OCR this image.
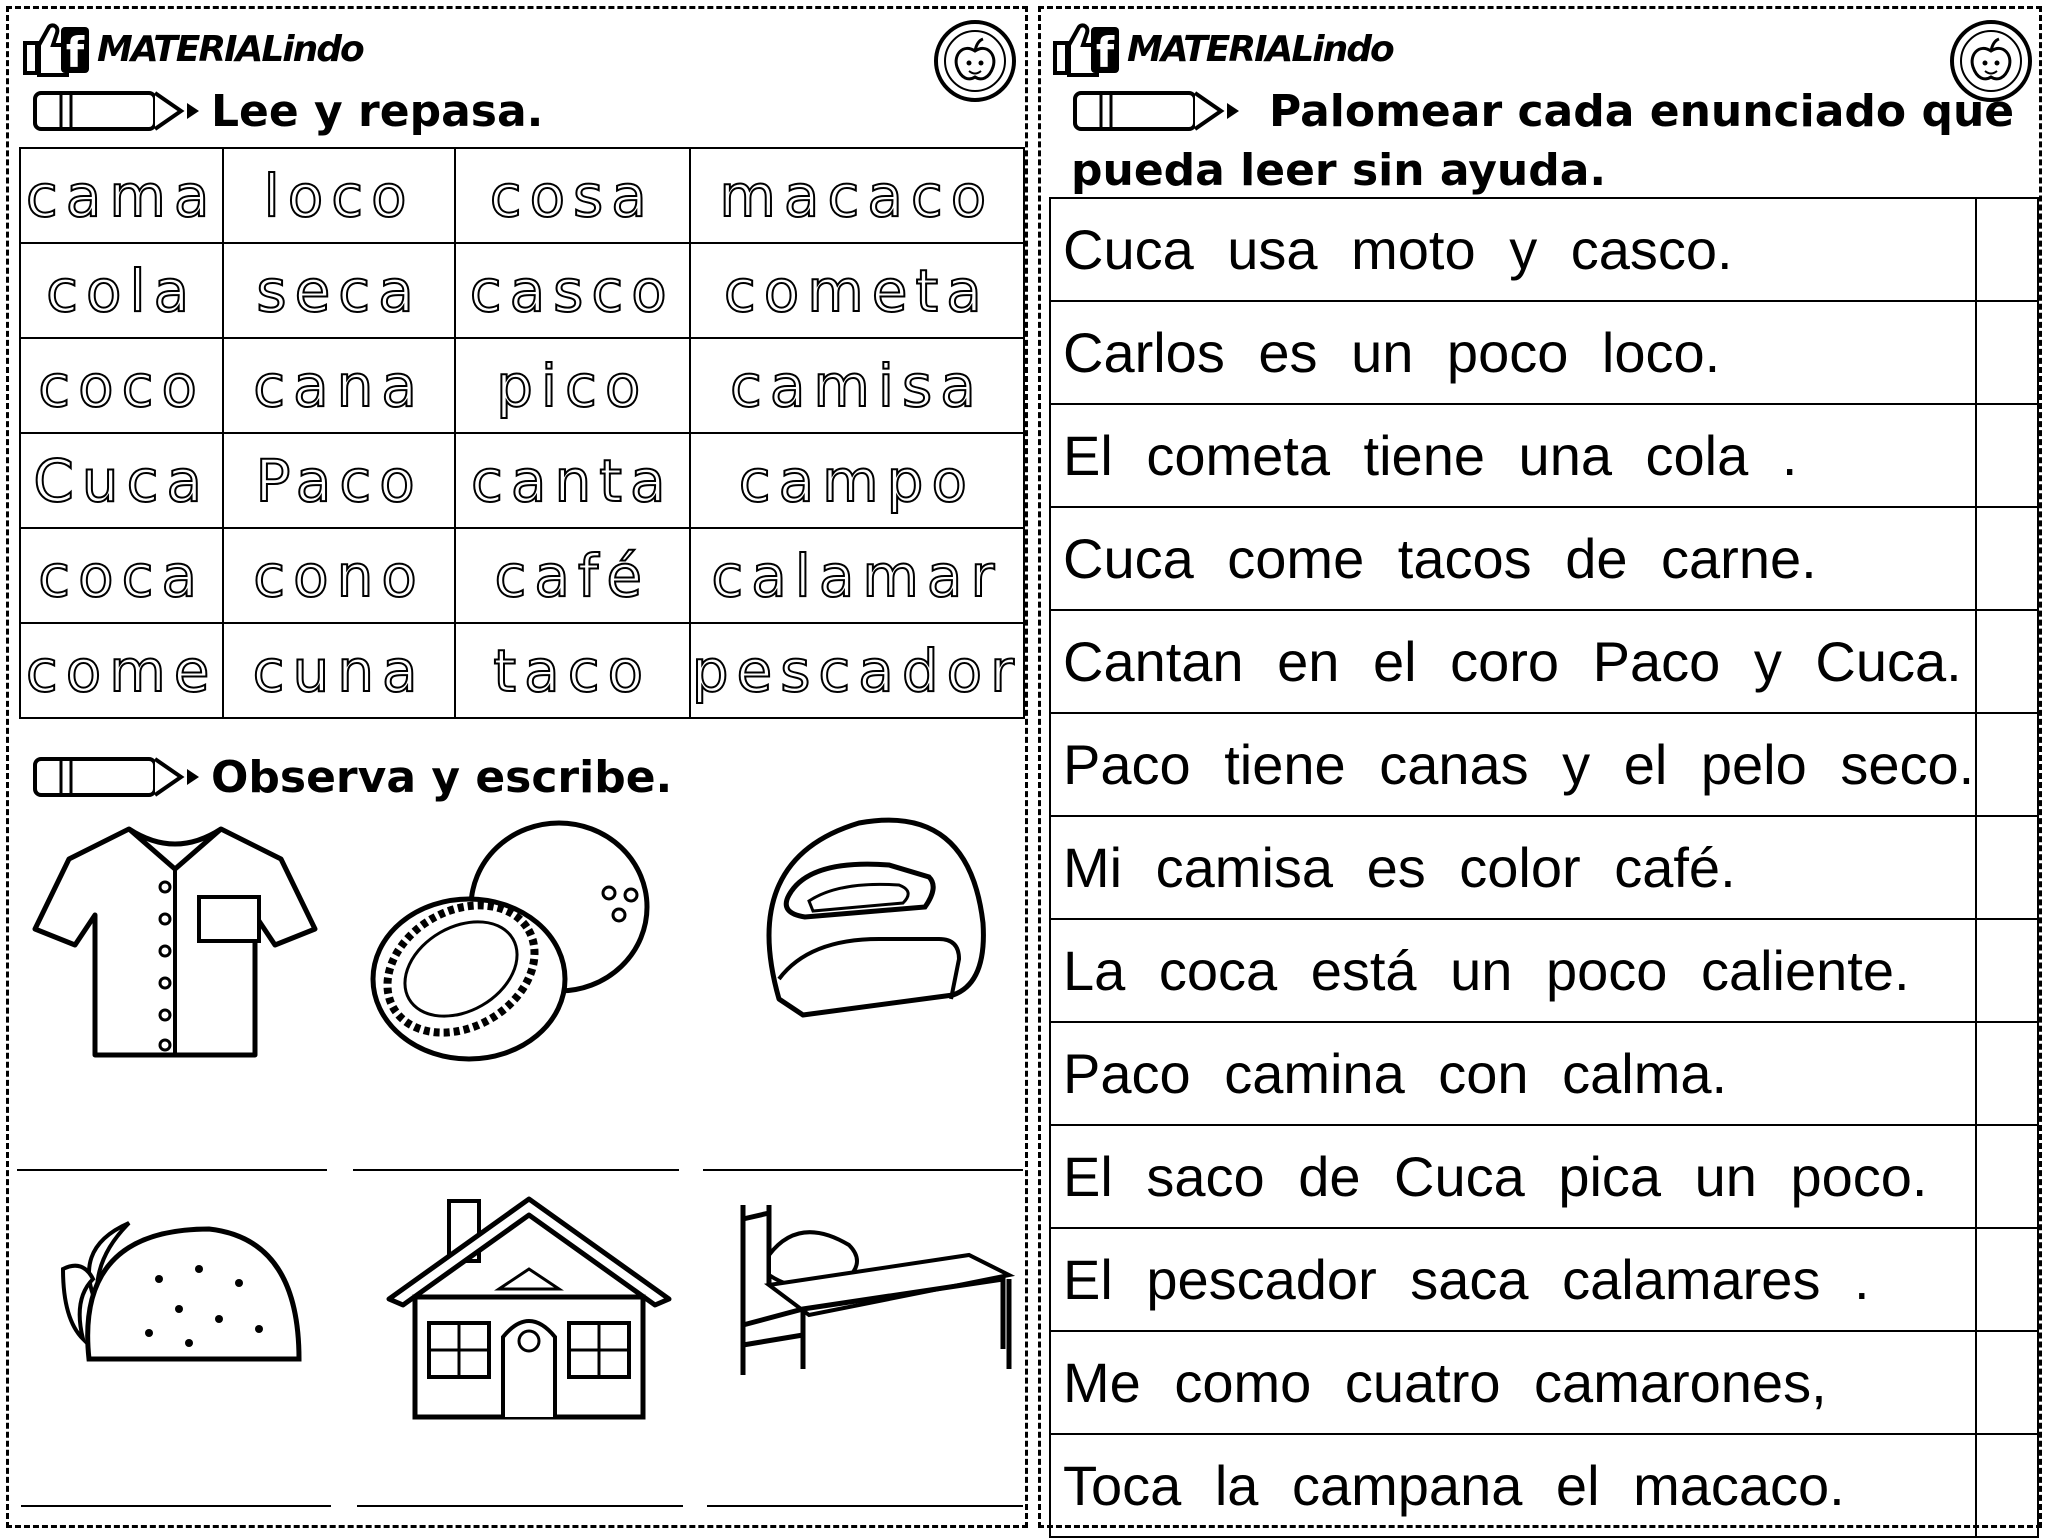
f MATERIALindo
Lee y repasa.
cama	loco	cosa	macaco
cola	seca	casco	cometa
coco	cana	pico	camisa
Cuca	Paco	canta	campo
coca	cono	café	calamar
come	cuna	taco	pescador
Observa y escribe.
f MATERIALindo
Palomear cada enunciado que
pueda leer sin ayuda.
Cuca usa moto y casco.	
Carlos es un poco loco.	
El cometa tiene una cola .	
Cuca come tacos de carne.	
Cantan en el coro Paco y Cuca.	
Paco tiene canas y el pelo seco.	
Mi camisa es color café.	
La coca está un poco caliente.	
Paco camina con calma.	
El saco de Cuca pica un poco.	
El pescador saca calamares .	
Me como cuatro camarones,	
Toca la campana el macaco.	
